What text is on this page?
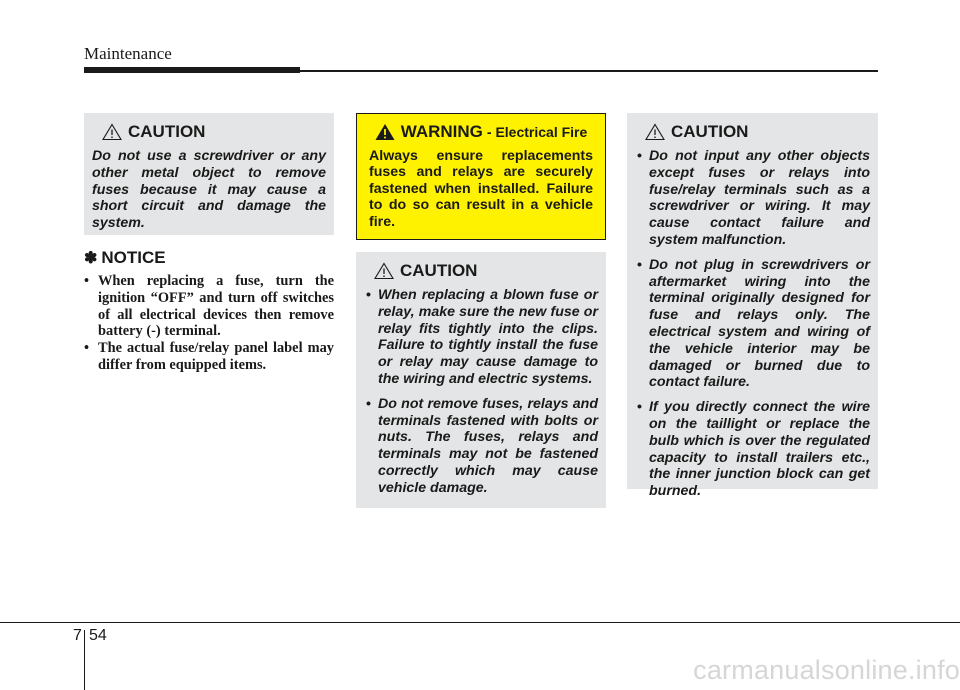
Maintenance
CAUTION
Do not use a screwdriver or any other metal object to remove fuses because it may cause a short circuit and damage the system.
✽ NOTICE
• When replacing a fuse, turn the ignition “OFF” and turn off switches of all electrical devices then remove battery (-) terminal.
• The actual fuse/relay panel label may differ from equipped items.
WARNING - Electrical Fire
Always ensure replacements fuses and relays are securely fastened when installed. Failure to do so can result in a vehicle fire.
CAUTION
• When replacing a blown fuse or relay, make sure the new fuse or relay fits tightly into the clips. Failure to tightly install the fuse or relay may cause damage to the wiring and electric systems.
• Do not remove fuses, relays and terminals fastened with bolts or nuts. The fuses, relays and terminals may not be fastened correctly which may cause vehicle damage.
CAUTION
• Do not input any other objects except fuses or relays into fuse/relay terminals such as a screwdriver or wiring. It may cause contact failure and system malfunction.
• Do not plug in screwdrivers or aftermarket wiring into the terminal originally designed for fuse and relays only. The electrical system and wiring of the vehicle interior may be damaged or burned due to contact failure.
• If you directly connect the wire on the taillight or replace the bulb which is over the regulated capacity to install trailers etc., the inner junction block can get burned.
7 54
carmanualsonline.info
